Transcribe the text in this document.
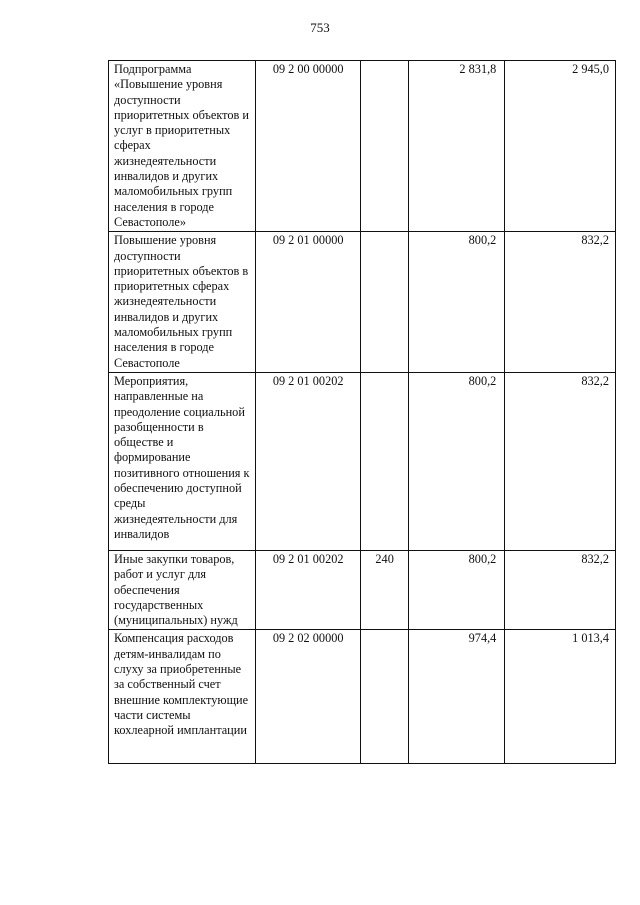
753
Подпрограмма «Повышение уровня доступности приоритетных объектов и услуг в приоритетных сферах жизнедеятельности инвалидов и других маломобильных групп населения в городе Севастополе»	09 2 00 00000		2 831,8	2 945,0
Повышение уровня доступности приоритетных объектов в приоритетных сферах жизнедеятельности инвалидов и других маломобильных групп населения в городе Севастополе	09 2 01 00000		800,2	832,2
Мероприятия, направленные на преодоление социальной разобщенности в обществе и формирование позитивного отношения к обеспечению доступной среды жизнедеятельности для инвалидов	09 2 01 00202		800,2	832,2
Иные закупки товаров, работ и услуг для обеспечения государственных (муниципальных) нужд	09 2 01 00202	240	800,2	832,2
Компенсация расходов детям-инвалидам по слуху за приобретенные за собственный счет внешние комплектующие части системы кохлеарной имплантации	09 2 02 00000		974,4	1 013,4
